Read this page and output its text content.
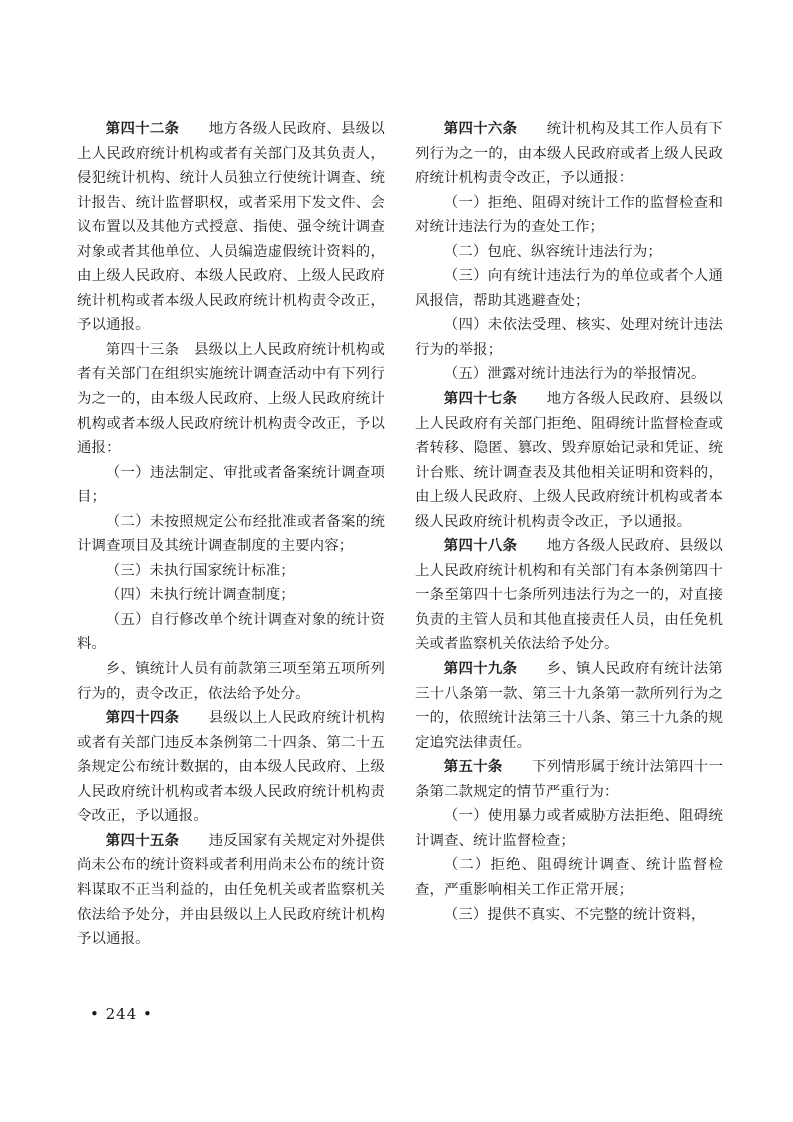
第四十二条　　 地方各级人民政府、县级以上人民政府统计机构或者有关部门及其负责人，侵犯统计机构、统计人员独立行使统计调查、统计报告、统计监督职权，或者采用下发文件、会议布置以及其他方式授意、指使、强令统计调查对象或者其他单位、人员编造虚假统计资料的，由上级人民政府、本级人民政府、上级人民政府统计机构或者本级人民政府统计机构责令改正，予以通报。

第四十三条　县级以上人民政府统计机构或者有关部门在组织实施统计调查活动中有下列行为之一的，由本级人民政府、上级人民政府统计机构或者本级人民政府统计机构责令改正，予以通报：

（一）违法制定、审批或者备案统计调查项目；

（二）未按照规定公布经批准或者备案的统计调查项目及其统计调查制度的主要内容；

（三）未执行国家统计标准；

（四）未执行统计调查制度；

（五）自行修改单个统计调查对象的统计资料。

乡、镇统计人员有前款第三项至第五项所列行为的，责令改正，依法给予处分。

第四十四条　　 县级以上人民政府统计机构或者有关部门违反本条例第二十四条、第二十五条规定公布统计数据的，由本级人民政府、上级人民政府统计机构或者本级人民政府统计机构责令改正，予以通报。

第四十五条　　 违反国家有关规定对外提供尚未公布的统计资料或者利用尚未公布的统计资料谋取不正当利益的，由任免机关或者监察机关依法给予处分，并由县级以上人民政府统计机构予以通报。

第四十六条　　 统计机构及其工作人员有下列行为之一的，由本级人民政府或者上级人民政府统计机构责令改正，予以通报：

（一）拒绝、阻碍对统计工作的监督检查和对统计违法行为的查处工作；

（二）包庇、纵容统计违法行为；

（三）向有统计违法行为的单位或者个人通风报信，帮助其逃避查处；

（四）未依法受理、核实、处理对统计违法行为的举报；

（五）泄露对统计违法行为的举报情况。

第四十七条　　 地方各级人民政府、县级以上人民政府有关部门拒绝、阻碍统计监督检查或者转移、隐匿、篡改、毁弃原始记录和凭证、统计台账、统计调查表及其他相关证明和资料的，由上级人民政府、上级人民政府统计机构或者本级人民政府统计机构责令改正，予以通报。

第四十八条　　 地方各级人民政府、县级以上人民政府统计机构和有关部门有本条例第四十一条至第四十七条所列违法行为之一的，对直接负责的主管人员和其他直接责任人员，由任免机关或者监察机关依法给予处分。

第四十九条　　 乡、镇人民政府有统计法第三十八条第一款、第三十九条第一款所列行为之一的，依照统计法第三十八条、第三十九条的规定追究法律责任。

第五十条　　 下列情形属于统计法第四十一条第二款规定的情节严重行为：

（一）使用暴力或者威胁方法拒绝、阻碍统计调查、统计监督检查；

（二）拒绝、阻碍统计调查、统计监督检查，严重影响相关工作正常开展；

（三）提供不真实、不完整的统计资料，

• 244 •
